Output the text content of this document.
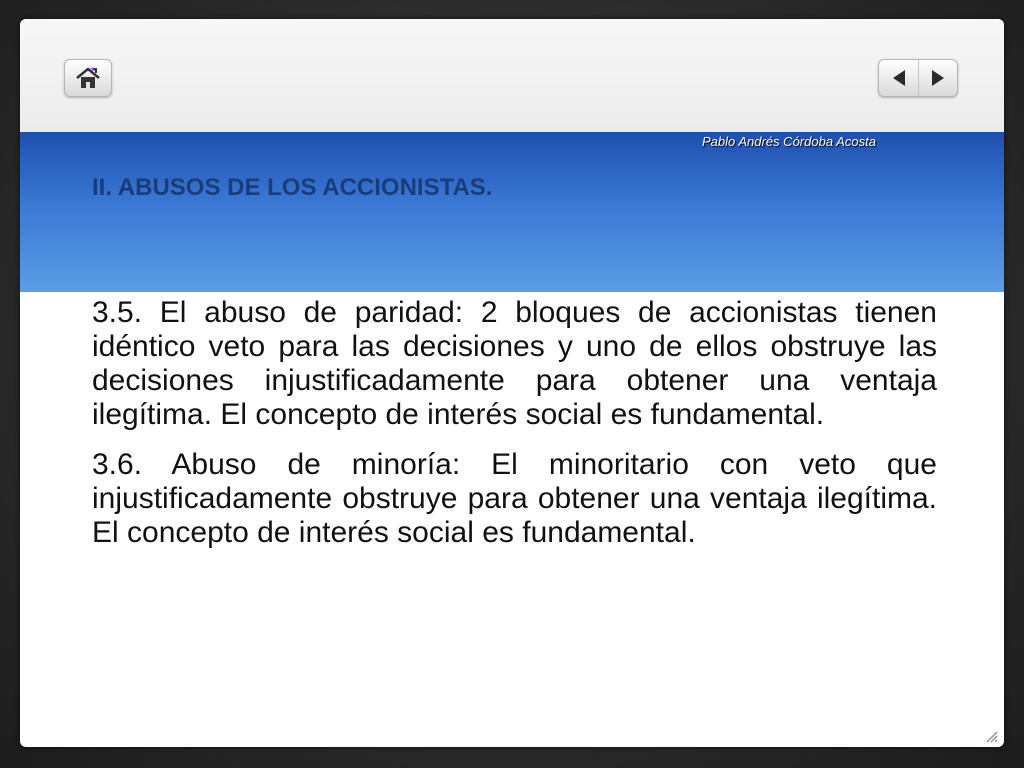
*
Pablo Andrés Córdoba Acosta
II. ABUSOS DE LOS ACCIONISTAS.

3.5. El abuso de paridad: 2 bloques de accionistas tienen idéntico veto para las decisiones y uno de ellos obstruye las decisiones injustificadamente para obtener una ventaja ilegítima. El concepto de interés social es fundamental.

3.6. Abuso de minoría: El minoritario con veto que injustificadamente obstruye para obtener una ventaja ilegítima. El concepto de interés social es fundamental.
